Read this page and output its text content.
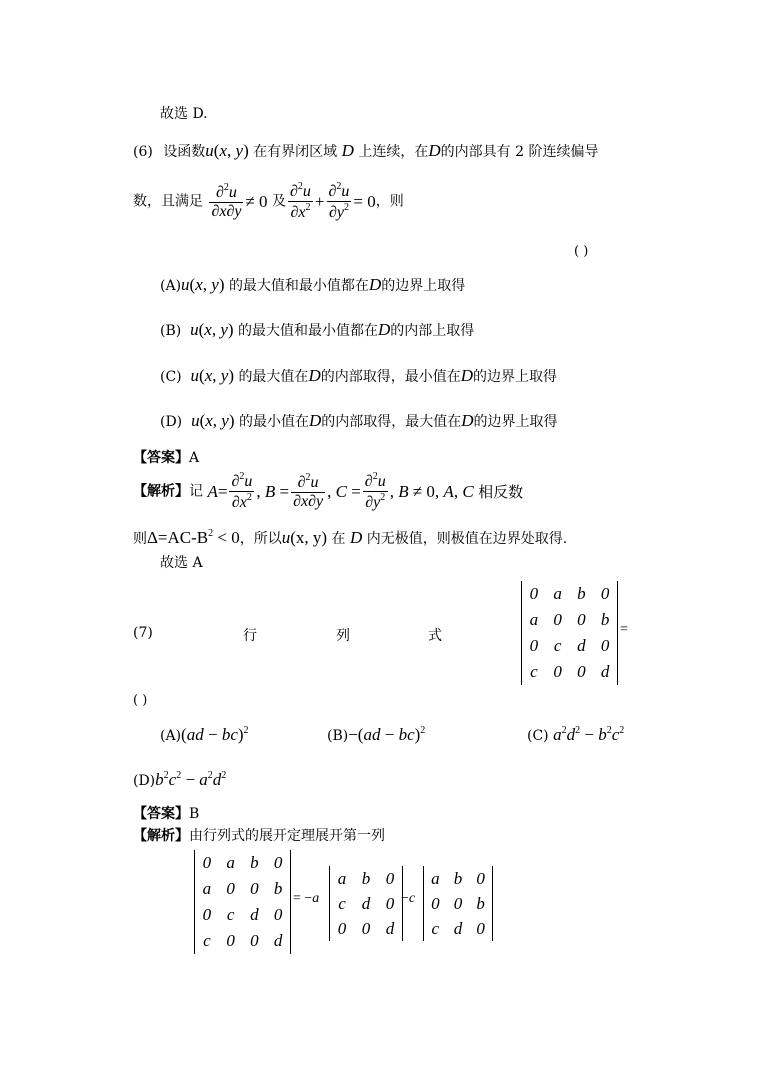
故选 D.
(6) 设函数u(x, y) 在有界闭区域 D 上连续，在D的内部具有 2 阶连续偏导
数，且满足 $\frac{\partial^2u}{\partial x\partial y} \ne 0$ 及 $\frac{\partial^2u}{\partial x^2} + \frac{\partial^2u}{\partial y^2} = 0$，则
( )
(A)u(x, y) 的最大值和最小值都在D的边界上取得
(B) u(x, y) 的最大值和最小值都在D的内部上取得
(C) u(x, y) 的最大值在D的内部取得，最小值在D的边界上取得
(D) u(x, y) 的最小值在D的内部取得，最大值在D的边界上取得
【答案】A
【解析】记 $A= \frac{\partial^2u}{\partial x^2}$ , $B = \frac{\partial^2u}{\partial x\partial y}$ , $C = \frac{\partial^2u}{\partial y^2}$ , B ≠ 0, A, C 相反数
则$\Delta=AC-B^2 < 0$，所以u(x, y) 在 D 内无极值，则极值在边界处取得.
故选 A
(7)	行	列	式
0	a	b	0
a	0	0	b
0	c	d	0
c	0	0	d
=
( )
(A)(ad − bc)$^2$	(B)−(ad − bc)$^2$	(C) $a^2d^2 - b^2c^2$
$(D)b^2c^2 - a^2d^2$
【答案】B
【解析】由行列式的展开定理展开第一列
0	a	b	0
a	0	0	b
0	c	d	0
c	0	0	d
= −a
a	b	0
c	d	0
0	0	d
−c
a	b	0
0	0	b
c	d	0
